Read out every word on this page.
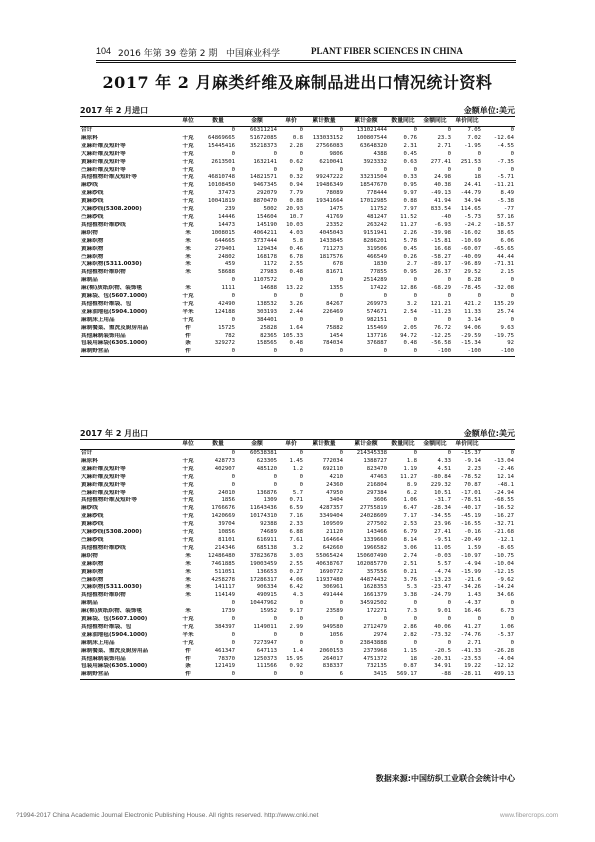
104 2016 年第 39 卷第 2 期 中国麻业科学	PLANT FIBER SCIENCES IN CHINA
2017 年 2 月麻类纤维及麻制品进出口情况统计资料
2017 年 2 月进口	金额单位:美元
	单位	数量	金额	单价	累计数量	累计金额	数量同比	金额同比	单价同比	
合计		0	66311214	0	0	131021444	0	0	7.05	0
麻原料	千克	64869665	51672085	0.8	133033152	100807544	0.76	23.3	7.02	-12.64
亚麻纤维及短纤等	千克	15445416	35218373	2.28	27566083	63648320	2.31	2.71	-1.95	-4.55
大麻纤维及短纤等	千克	0	0	0	9806	4388	0.45	0	0	0
黄麻纤维及短纤等	千克	2613501	1632141	0.62	6210041	3923332	0.63	277.41	251.53	-7.35
苎麻纤维及短纤等	千克	0	0	0	0	0	0	0	0	0
其他植物纤维及短纤等	千克	46810748	14821571	0.32	99247222	33231504	0.33	24.98	18	-5.71
麻纱线	千克	10108450	9467345	0.94	19486349	18547670	0.95	40.38	24.41	-11.21
亚麻纱线	千克	37473	292079	7.79	78089	778444	9.97	-49.13	-44.79	8.49
黄麻纱线	千克	10041819	8870470	0.88	19341664	17012985	0.88	41.94	34.94	-5.38
大麻纱线(5308.2000)	千克	239	5002	20.93	1475	11752	7.97	833.54	114.65	-77
苎麻纱线	千克	14446	154604	10.7	41769	481247	11.52	-40	-5.73	57.16
其他植物纤维纱线	千克	14473	145190	10.03	23352	263242	11.27	-6.93	-24.2	-18.57
麻织物	米	1008015	4064211	4.03	4045043	9151941	2.26	-39.98	-16.02	38.65
亚麻织物	米	644665	3737444	5.8	1433845	8286201	5.78	-15.81	-10.69	6.06
黄麻织物	米	279401	129434	0.46	711273	319506	0.45	16.68	-60.07	-65.65
苎麻织物	米	24802	168178	6.78	1817576	466549	0.26	-58.27	-40.09	44.44
大麻织物(5311.0030)	米	459	1172	2.55	678	1830	2.7	-89.17	-96.89	-71.31
其他植物纤维织物	米	58688	27983	0.48	81671	77855	0.95	26.37	29.52	2.15
麻制品		0	1107572	0	0	2514289	0	0	8.28	0
麻(棉)质纸织物、装饰毯	米	1111	14688	13.22	1355	17422	12.86	-68.29	-78.45	-32.08
黄麻袋、包(5607.1000)	千克	0	0	0	0	0	0	0	0	0
其他植物纤维袋、包	千克	42490	138532	3.26	84267	269973	3.2	121.21	421.2	135.29
亚麻油地毡(5904.1000)	平米	124188	303193	2.44	226469	574671	2.54	-11.23	11.33	25.74
麻制床上用品	千克	0	384401	0	0	982151	0	0	3.14	0
麻制餐桌、盥洗及厨房用品	件	15725	25828	1.64	75882	155469	2.05	76.72	94.06	9.63
其他麻制装饰用品	件	782	82365	105.33	1454	137716	94.72	-12.25	-29.59	-19.75
包装用麻袋(6305.1000)	条	329272	158565	0.48	784034	376887	0.48	-56.58	-15.34	92
麻制野营品	件	0	0	0	0	0	0	-100	-100	-100
2017 年 2 月出口	金额单位:美元
	单位	数量	金额	单价	累计数量	累计金额	数量同比	金额同比	单价同比	
合计		0	60538381	0	0	214345338	0	0	-15.37	0
麻原料	千克	428773	623305	1.45	772034	1388727	1.8	4.33	-9.14	-13.04
亚麻纤维及短纤等	千克	402907	485120	1.2	692110	823470	1.19	4.51	2.23	-2.46
大麻纤维及短纤等	千克	0	0	0	4210	47463	11.27	-80.84	-78.52	12.14
黄麻纤维及短纤等	千克	0	0	0	24360	216804	8.9	229.32	70.87	-48.1
苎麻纤维及短纤等	千克	24010	136876	5.7	47950	297384	6.2	10.51	-17.01	-24.94
其他植物纤维及短纤等	千克	1856	1309	0.71	3404	3606	1.06	-31.7	-78.51	-68.55
麻纱线	千克	1766676	11643436	6.59	4287357	27755819	6.47	-28.34	-40.17	-16.52
亚麻纱线	千克	1420669	10174310	7.16	3349404	24028609	7.17	-34.55	-45.19	-16.27
黄麻纱线	千克	39704	92388	2.33	109509	277502	2.53	23.96	-16.55	-32.71
大麻纱线(5308.2000)	千克	10856	74689	6.88	21120	143466	6.79	27.41	-0.16	-21.68
苎麻纱线	千克	81101	616911	7.61	164664	1339660	8.14	-9.51	-20.49	-12.1
其他植物纤维纱线	千克	214346	685138	3.2	642660	1966582	3.06	11.05	1.59	-8.65
麻织物	米	12486480	37823678	3.03	55065424	150607490	2.74	-0.03	-10.97	-10.75
亚麻织物	米	7461885	19003459	2.55	40638767	102085770	2.51	5.57	-4.94	-10.04
黄麻织物	米	511051	136653	0.27	1690772	357556	0.21	-4.74	-15.99	-12.15
苎麻织物	米	4258278	17286317	4.06	11937480	44874432	3.76	-13.23	-21.6	-9.62
大麻织物(5311.0030)	米	141117	906334	6.42	306961	1628353	5.3	-23.47	-34.26	-14.24
其他植物纤维织物	米	114149	490915	4.3	491444	1661379	3.38	-24.79	1.43	34.66
麻制品		0	10447962	0	0	34592502	0	0	-4.37	0
麻(棉)质纸织物、装饰毯	米	1739	15952	9.17	23589	172271	7.3	9.01	16.46	6.73
黄麻袋、包(5607.1000)	千克	0	0	0	0	0	0	0	0	0
其他植物纤维袋、包	千克	384397	1149011	2.99	949580	2712479	2.86	40.06	41.27	1.06
亚麻油地毡(5904.1000)	平米	0	0	0	1056	2974	2.82	-73.32	-74.76	-5.37
麻制床上用品	千克	0	7273947	0	0	23843888	0	0	2.71	0
麻制餐桌、盥洗及厨房用品	件	461347	647113	1.4	2060153	2373968	1.15	-20.5	-41.33	-26.28
其他麻制装饰用品	件	78370	1250373	15.95	264017	4751372	18	-20.31	-23.53	-4.04
包装用麻袋(6305.1000)	条	121419	111566	0.92	838337	732135	0.87	34.91	19.22	-12.12
麻制野营品	件	0	0	0	6	3415	569.17	-88	-28.11	499.13
数据来源:中国纺织工业联合会统计中心
?1994-2017 China Academic Journal Electronic Publishing House. All rights reserved. http://www.cnki.net	www.fibercrops.com
